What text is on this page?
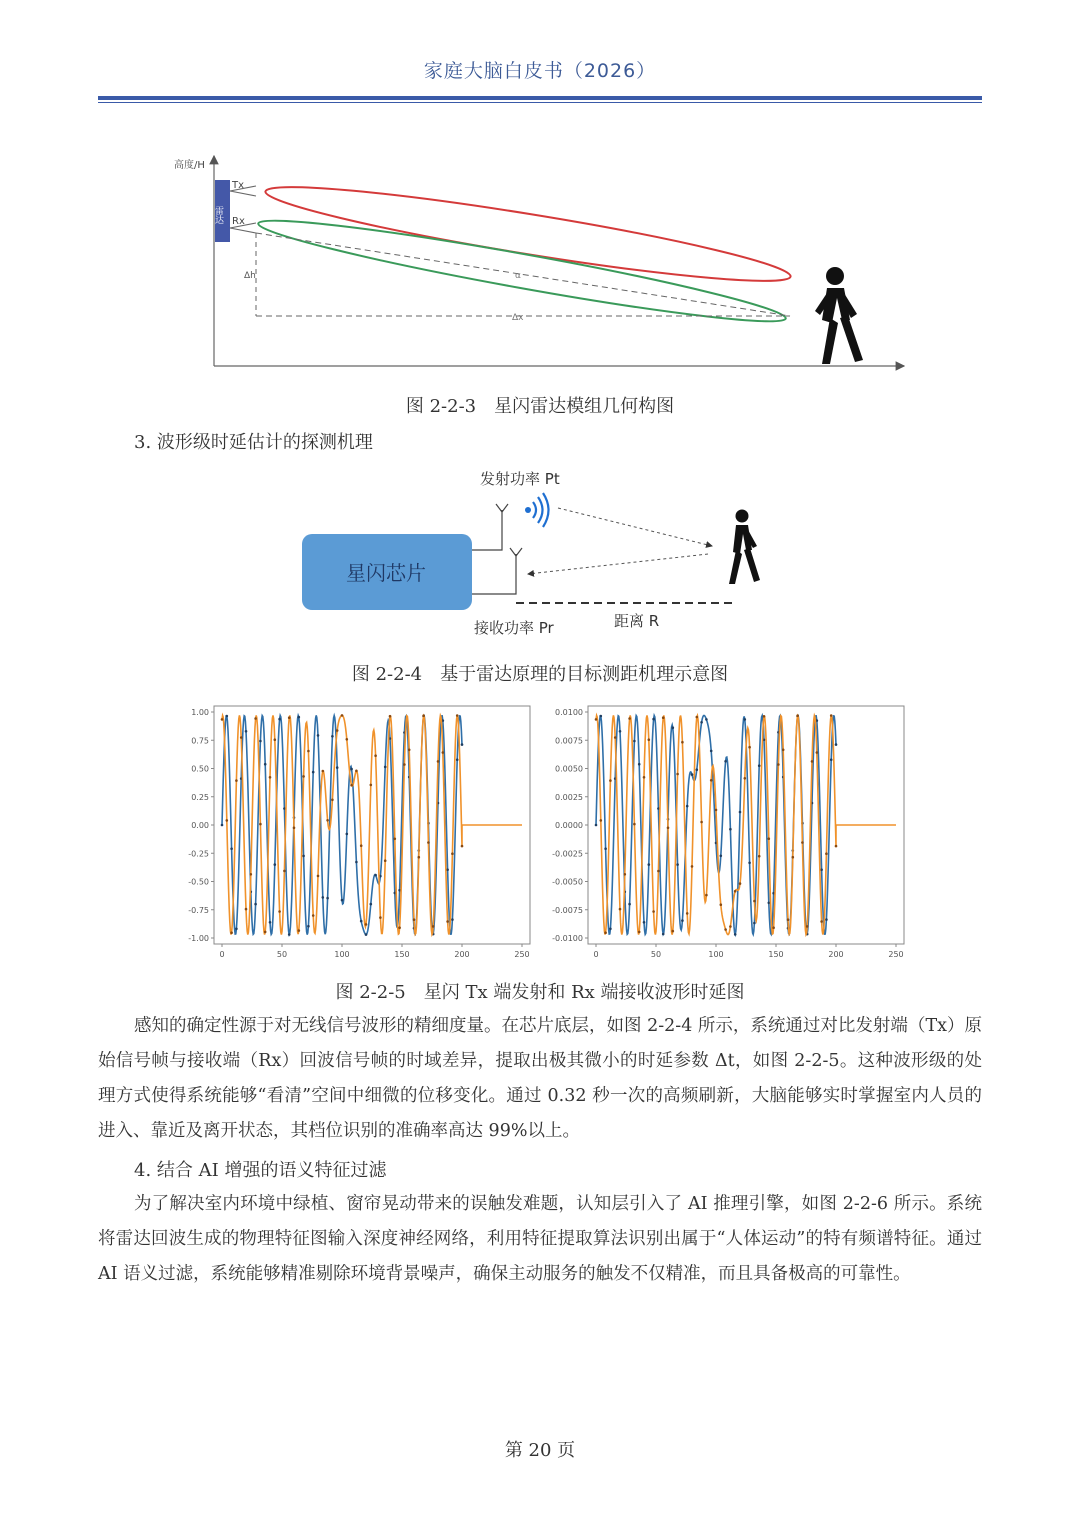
家庭大脑白皮书（2026）
高度/H
雷达
Tx
Rx
Δh	α
Δx
图 2-2-3　星闪雷达模组几何构图
3. 波形级时延估计的探测机理
发射功率 Pt
星闪芯片
接收功率 Pr	距离 R
图 2-2-4　基于雷达原理的目标测距机理示意图
1.00
0.75
0.50
0.25
0.00
-0.25
-0.50
-0.75
-1.00
0	50	100	150	200	250
0.0100
0.0075
0.0050
0.0025
0.0000
-0.0025
-0.0050
-0.0075
-0.0100
0	50	100	150	200	250
图 2-2-5　星闪 Tx 端发射和 Rx 端接收波形时延图
感知的确定性源于对无线信号波形的精细度量。在芯片底层，如图 2-2-4 所示，系统通过对比发射端（Tx）原始信号帧与接收端（Rx）回波信号帧的时域差异，提取出极其微小的时延参数 Δt，如图 2-2-5。这种波形级的处理方式使得系统能够“看清”空间中细微的位移变化。通过 0.32 秒一次的高频刷新，大脑能够实时掌握室内人员的进入、靠近及离开状态，其档位识别的准确率高达 99%以上。
4. 结合 AI 增强的语义特征过滤
为了解决室内环境中绿植、窗帘晃动带来的误触发难题，认知层引入了 AI 推理引擎，如图 2-2-6 所示。系统将雷达回波生成的物理特征图输入深度神经网络，利用特征提取算法识别出属于“人体运动”的特有频谱特征。通过 AI 语义过滤，系统能够精准剔除环境背景噪声，确保主动服务的触发不仅精准，而且具备极高的可靠性。
第 20 页
